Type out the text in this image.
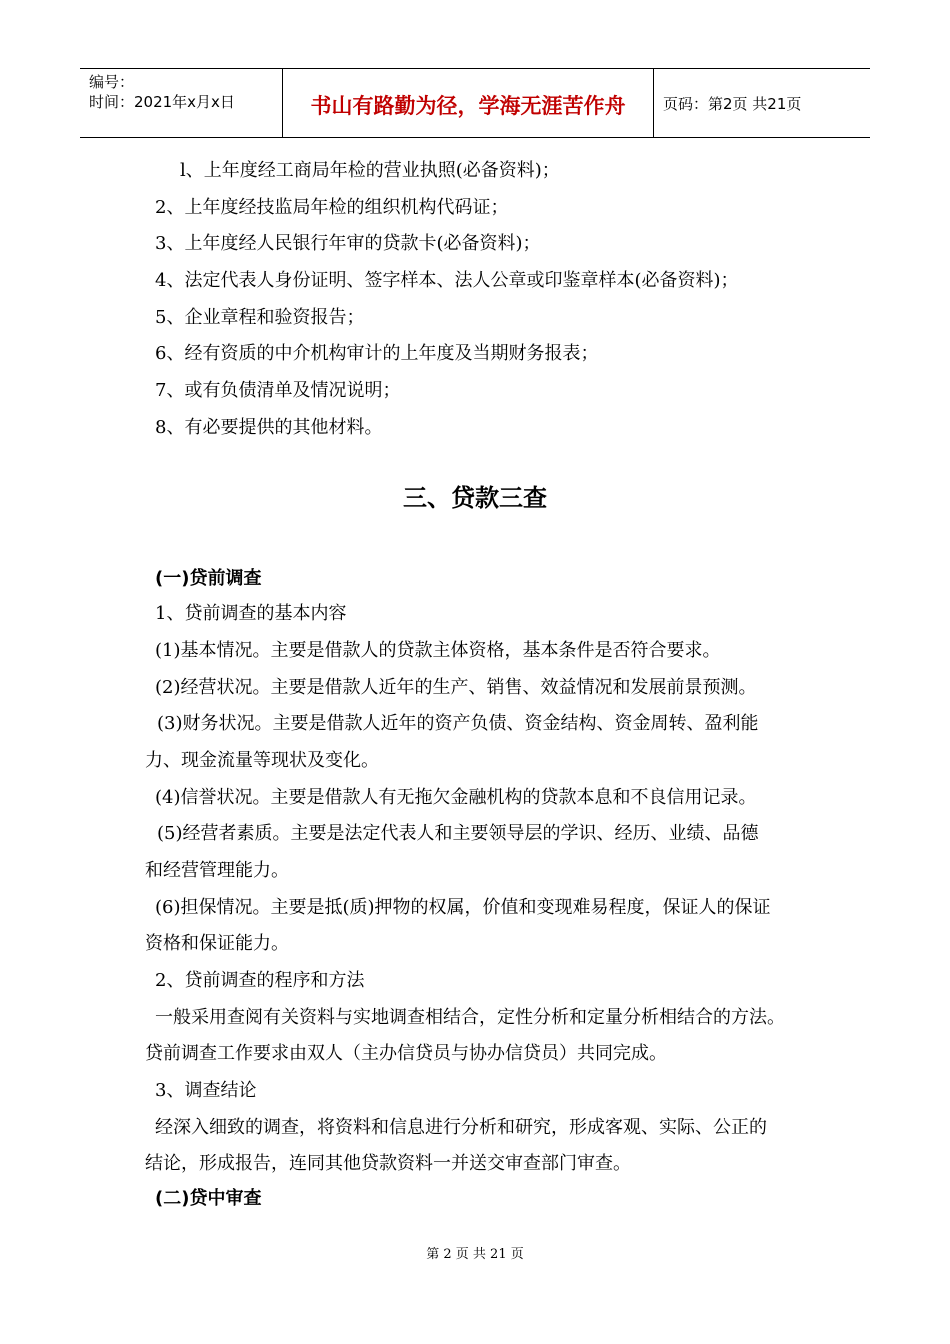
编号：
时间：2021年x月x日	书山有路勤为径，学海无涯苦作舟	页码：第2页 共21页
l、上年度经工商局年检的营业执照(必备资料)；
2、上年度经技监局年检的组织机构代码证；
3、上年度经人民银行年审的贷款卡(必备资料)；
4、法定代表人身份证明、签字样本、法人公章或印鉴章样本(必备资料)；
5、企业章程和验资报告；
6、经有资质的中介机构审计的上年度及当期财务报表；
7、或有负债清单及情况说明；
8、有必要提供的其他材料。
三、贷款三查
(一)贷前调查
1、贷前调查的基本内容
(1)基本情况。主要是借款人的贷款主体资格，基本条件是否符合要求。
(2)经营状况。主要是借款人近年的生产、销售、效益情况和发展前景预测。
(3)财务状况。主要是借款人近年的资产负债、资金结构、资金周转、盈利能
力、现金流量等现状及变化。
(4)信誉状况。主要是借款人有无拖欠金融机构的贷款本息和不良信用记录。
(5)经营者素质。主要是法定代表人和主要领导层的学识、经历、业绩、品德
和经营管理能力。
(6)担保情况。主要是抵(质)押物的权属，价值和变现难易程度，保证人的保证
资格和保证能力。
2、贷前调查的程序和方法
一般采用查阅有关资料与实地调查相结合，定性分析和定量分析相结合的方法。
贷前调查工作要求由双人（主办信贷员与协办信贷员）共同完成。
3、调查结论
经深入细致的调查，将资料和信息进行分析和研究，形成客观、实际、公正的
结论，形成报告，连同其他贷款资料一并送交审查部门审查。
(二)贷中审查
第 2 页 共 21 页
